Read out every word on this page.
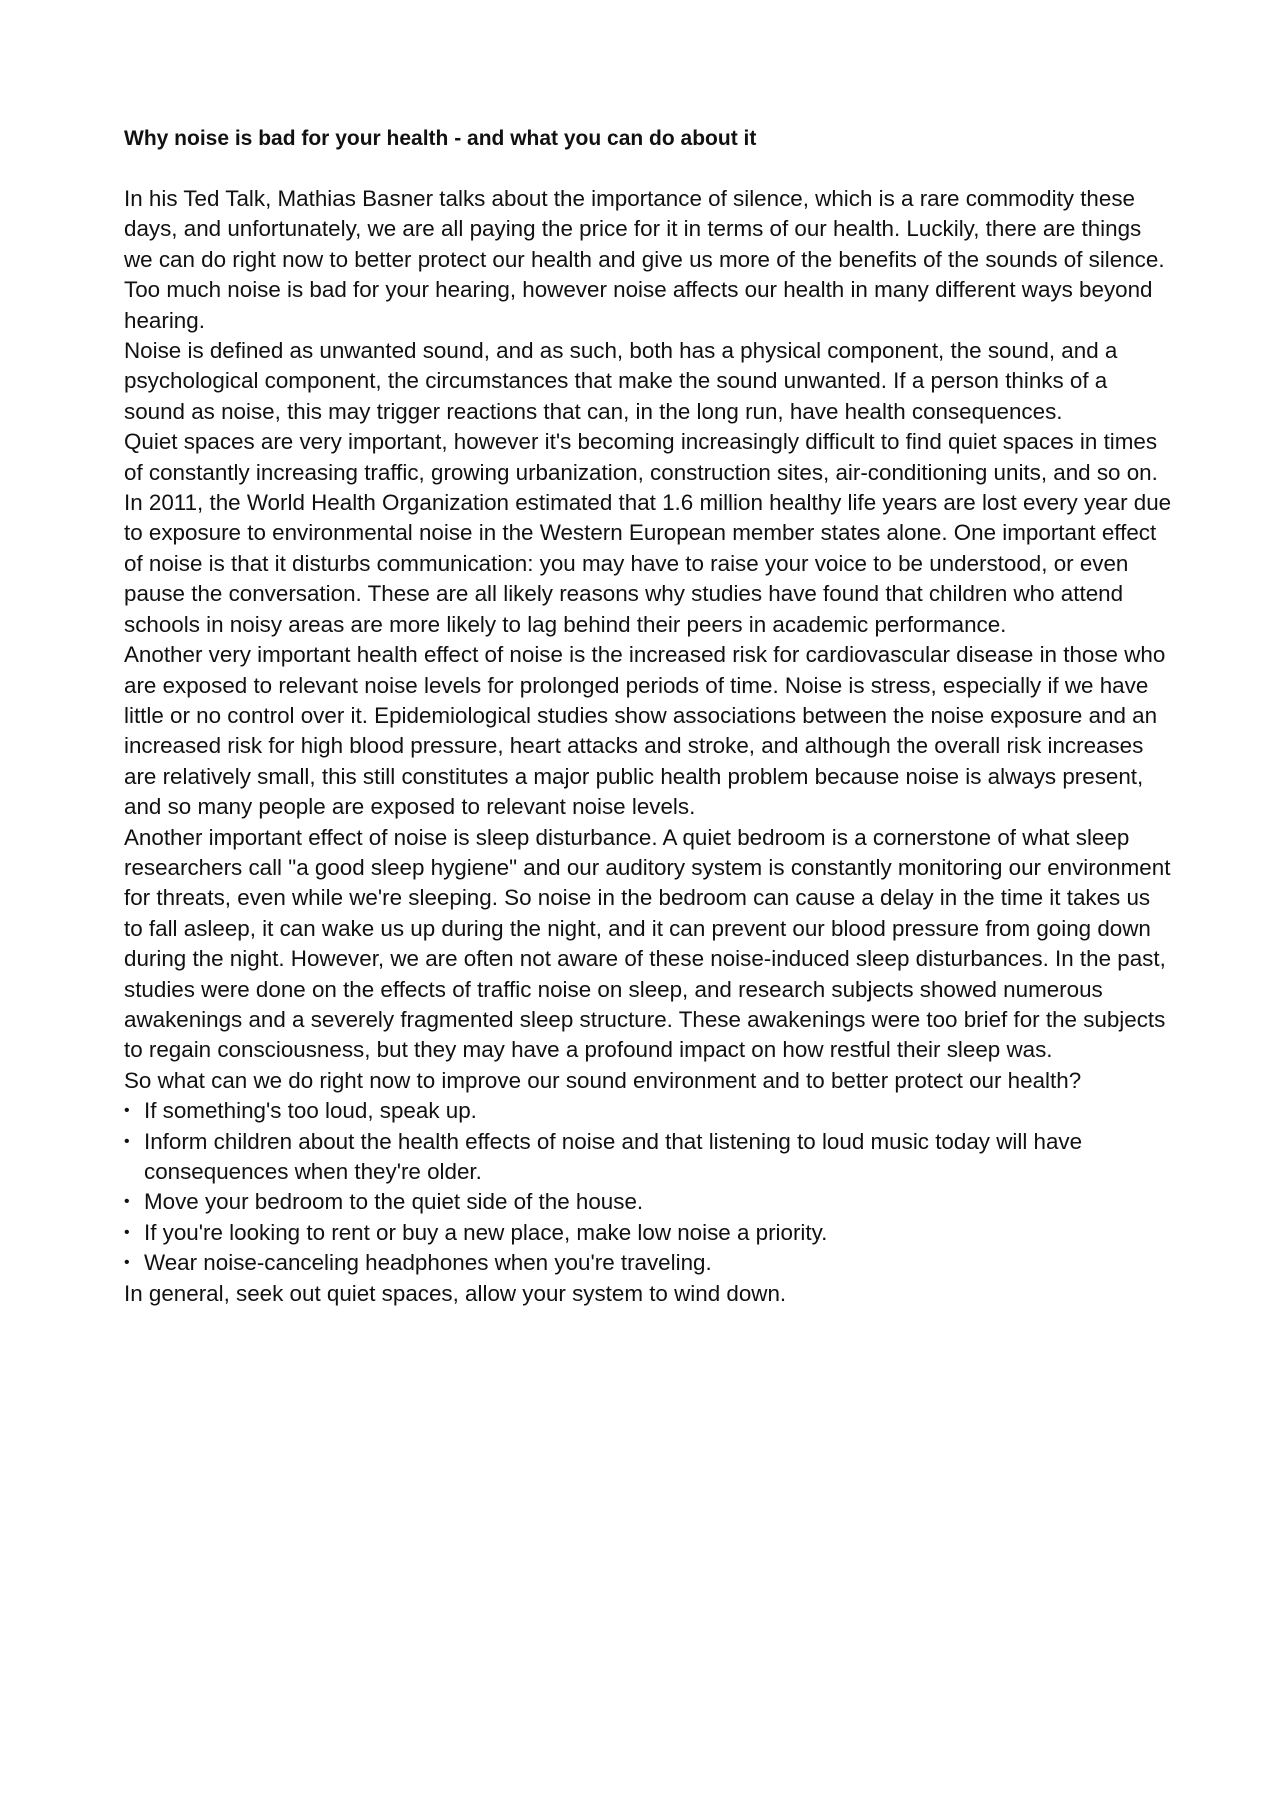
Why noise is bad for your health - and what you can do about it

In his Ted Talk, Mathias Basner talks about the importance of silence, which is a rare commodity these days, and unfortunately, we are all paying the price for it in terms of our health. Luckily, there are things we can do right now to better protect our health and give us more of the benefits of the sounds of silence.

Too much noise is bad for your hearing, however noise affects our health in many different ways beyond hearing.

Noise is defined as unwanted sound, and as such, both has a physical component, the sound, and a psychological component, the circumstances that make the sound unwanted. If a person thinks of a sound as noise, this may trigger reactions that can, in the long run, have health consequences.

Quiet spaces are very important, however it's becoming increasingly difficult to find quiet spaces in times of constantly increasing traffic, growing urbanization, construction sites, air-conditioning units, and so on.

In 2011, the World Health Organization estimated that 1.6 million healthy life years are lost every year due to exposure to environmental noise in the Western European member states alone. One important effect of noise is that it disturbs communication: you may have to raise your voice to be understood, or even pause the conversation. These are all likely reasons why studies have found that children who attend schools in noisy areas are more likely to lag behind their peers in academic performance.

Another very important health effect of noise is the increased risk for cardiovascular disease in those who are exposed to relevant noise levels for prolonged periods of time. Noise is stress, especially if we have little or no control over it. Epidemiological studies show associations between the noise exposure and an increased risk for high blood pressure, heart attacks and stroke, and although the overall risk increases are relatively small, this still constitutes a major public health problem because noise is always present, and so many people are exposed to relevant noise levels.

Another important effect of noise is sleep disturbance. A quiet bedroom is a cornerstone of what sleep researchers call "a good sleep hygiene" and our auditory system is constantly monitoring our environment for threats, even while we're sleeping. So noise in the bedroom can cause a delay in the time it takes us to fall asleep, it can wake us up during the night, and it can prevent our blood pressure from going down during the night. However, we are often not aware of these noise-induced sleep disturbances. In the past, studies were done on the effects of traffic noise on sleep, and research subjects showed numerous awakenings and a severely fragmented sleep structure. These awakenings were too brief for the subjects to regain consciousness, but they may have a profound impact on how restful their sleep was.

So what can we do right now to improve our sound environment and to better protect our health?

• If something's too loud, speak up.
• Inform children about the health effects of noise and that listening to loud music today will have consequences when they're older.
• Move your bedroom to the quiet side of the house.
• If you're looking to rent or buy a new place, make low noise a priority.
• Wear noise-canceling headphones when you're traveling.

In general, seek out quiet spaces, allow your system to wind down.
